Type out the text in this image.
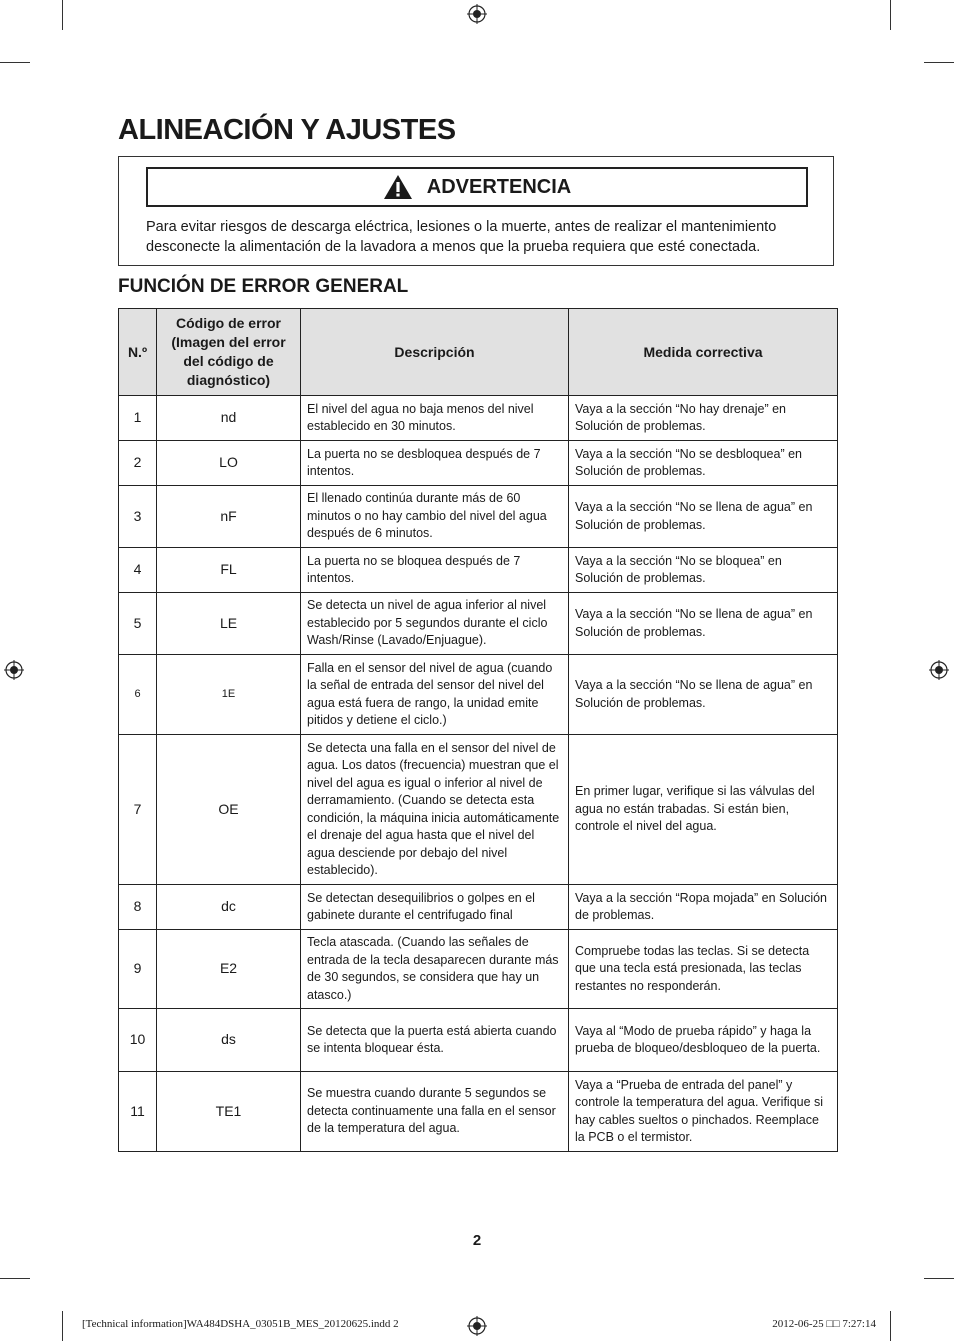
ALINEACIÓN Y AJUSTES
ADVERTENCIA

Para evitar riesgos de descarga eléctrica, lesiones o la muerte, antes de realizar el mantenimiento desconecte la alimentación de la lavadora a menos que la prueba requiera que esté conectada.

FUNCIÓN DE ERROR GENERAL
N.º	Código de error (Imagen del error del código de diagnóstico)	Descripción	Medida correctiva
1	nd	El nivel del agua no baja menos del nivel establecido en 30 minutos.	Vaya a la sección “No hay drenaje” en Solución de problemas.
2	LO	La puerta no se desbloquea después de 7 intentos.	Vaya a la sección “No se desbloquea” en Solución de problemas.
3	nF	El llenado continúa durante más de 60 minutos o no hay cambio del nivel del agua después de 6 minutos.	Vaya a la sección “No se llena de agua” en Solución de problemas.
4	FL	La puerta no se bloquea después de 7 intentos.	Vaya a la sección “No se bloquea” en Solución de problemas.
5	LE	Se detecta un nivel de agua inferior al nivel establecido por 5 segundos durante el ciclo Wash/Rinse (Lavado/Enjuague).	Vaya a la sección “No se llena de agua” en Solución de problemas.
6	1E	Falla en el sensor del nivel de agua (cuando la señal de entrada del sensor del nivel del agua está fuera de rango, la unidad emite pitidos y detiene el ciclo.)	Vaya a la sección “No se llena de agua” en Solución de problemas.
7	OE	Se detecta una falla en el sensor del nivel de agua. Los datos (frecuencia) muestran que el nivel del agua es igual o inferior al nivel de derramamiento. (Cuando se detecta esta condición, la máquina inicia automáticamente el drenaje del agua hasta que el nivel del agua desciende por debajo del nivel establecido).	En primer lugar, verifique si las válvulas del agua no están trabadas. Si están bien, controle el nivel del agua.
8	dc	Se detectan desequilibrios o golpes en el gabinete durante el centrifugado final	Vaya a la sección “Ropa mojada” en Solución de problemas.
9	E2	Tecla atascada. (Cuando las señales de entrada de la tecla desaparecen durante más de 30 segundos, se considera que hay un atasco.)	Compruebe todas las teclas. Si se detecta que una tecla está presionada, las teclas restantes no responderán.
10	ds	Se detecta que la puerta está abierta cuando se intenta bloquear ésta.	Vaya al “Modo de prueba rápido” y haga la prueba de bloqueo/desbloqueo de la puerta.
11	TE1	Se muestra cuando durante 5 segundos se detecta continuamente una falla en el sensor de la temperatura del agua.	Vaya a “Prueba de entrada del panel” y controle la temperatura del agua. Verifique si hay cables sueltos o pinchados. Reemplace la PCB o el termistor.
2
[Technical information]WA484DSHA_03051B_MES_20120625.indd 2	2012-06-25 □□ 7:27:14
